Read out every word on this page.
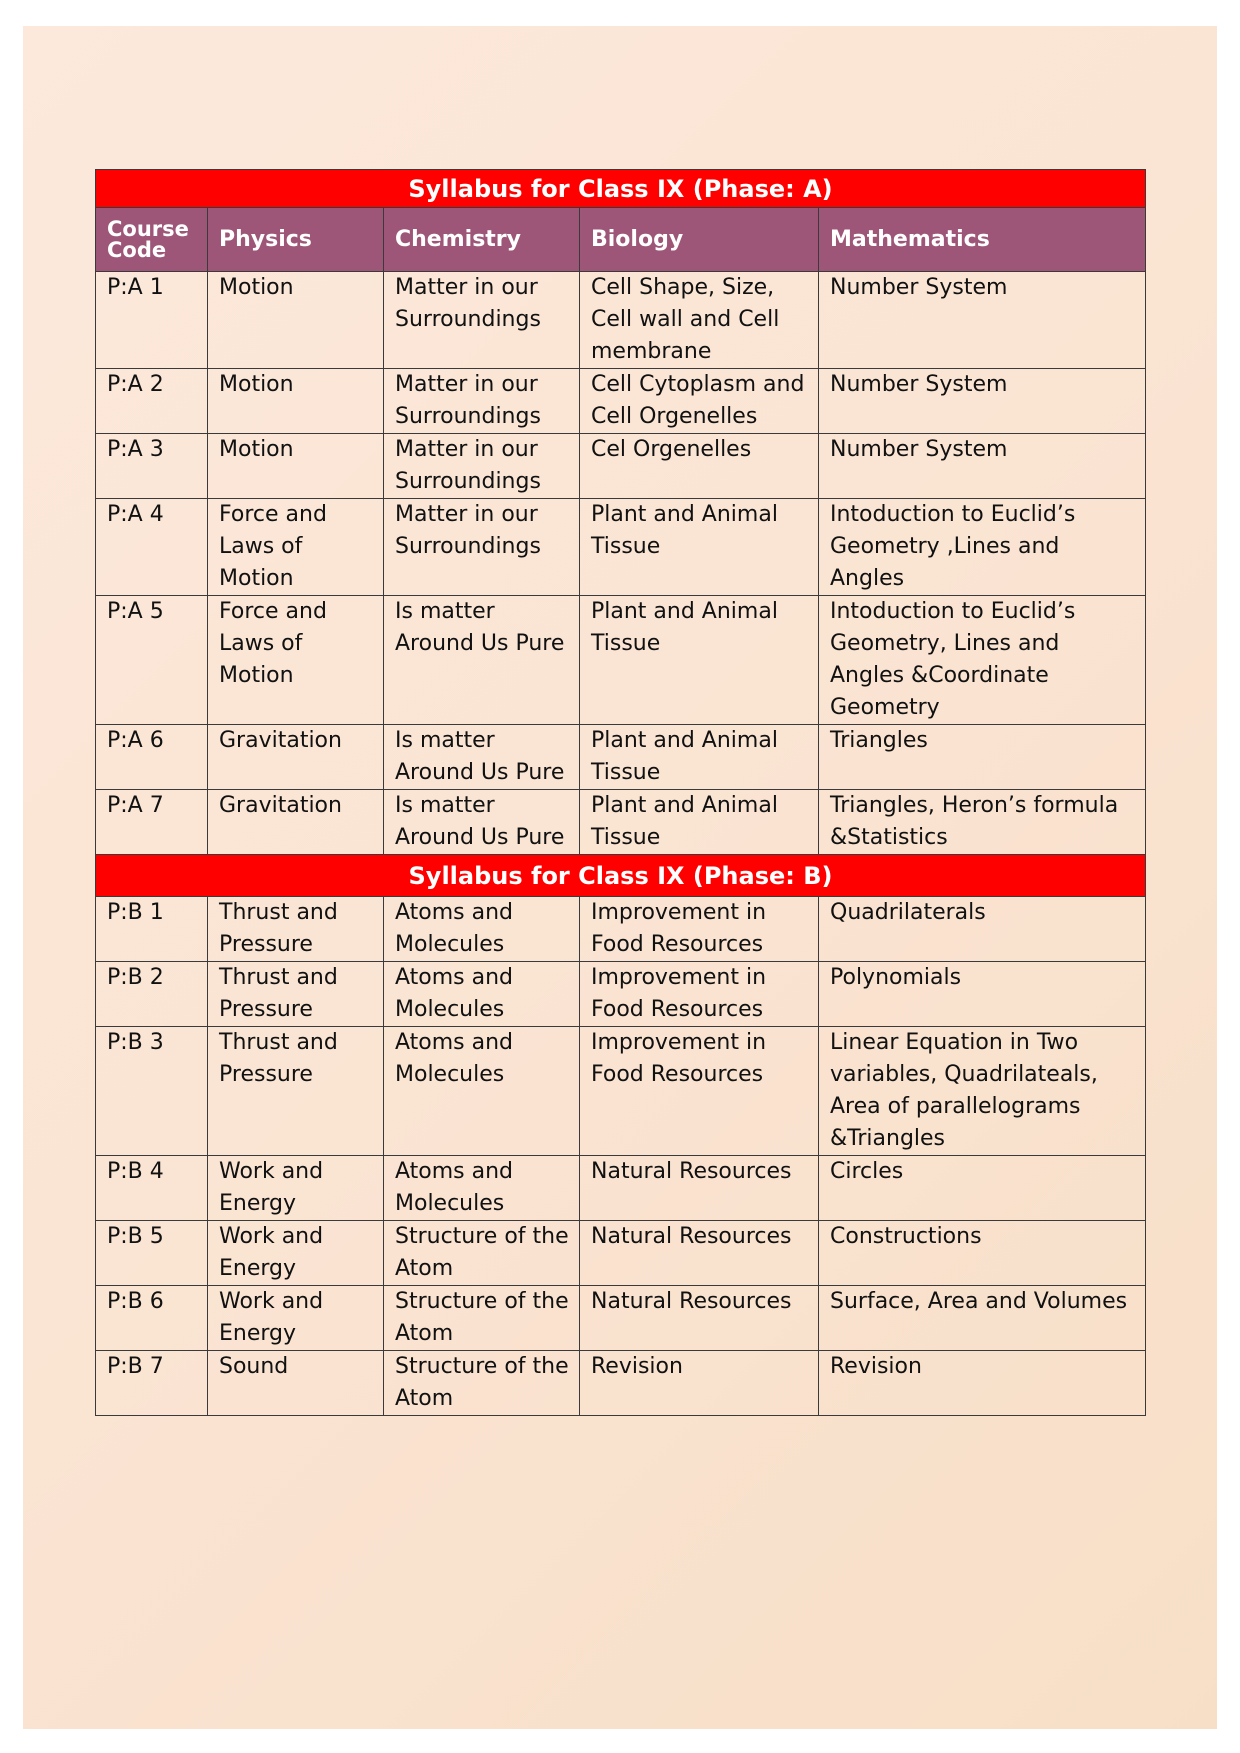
Syllabus for Class IX (Phase: A)				
Course Code	Physics	Chemistry	Biology	Mathematics
P:A 1	Motion	Matter in our Surroundings	Cell Shape, Size, Cell wall and Cell membrane	Number System
P:A 2	Motion	Matter in our Surroundings	Cell Cytoplasm and Cell Orgenelles	Number System
P:A 3	Motion	Matter in our Surroundings	Cel Orgenelles	Number System
P:A 4	Force and Laws of Motion	Matter in our Surroundings	Plant and Animal Tissue	Intoduction to Euclid’s Geometry ,Lines and Angles
P:A 5	Force and Laws of Motion	Is matter Around Us Pure	Plant and Animal Tissue	Intoduction to Euclid’s Geometry, Lines and Angles &Coordinate Geometry
P:A 6	Gravitation	Is matter Around Us Pure	Plant and Animal Tissue	Triangles
P:A 7	Gravitation	Is matter Around Us Pure	Plant and Animal Tissue	Triangles, Heron’s formula &Statistics
Syllabus for Class IX (Phase: B)				
P:B 1	Thrust and Pressure	Atoms and Molecules	Improvement in Food Resources	Quadrilaterals
P:B 2	Thrust and Pressure	Atoms and Molecules	Improvement in Food Resources	Polynomials
P:B 3	Thrust and Pressure	Atoms and Molecules	Improvement in Food Resources	Linear Equation in Two variables, Quadrilateals, Area of parallelograms &Triangles
P:B 4	Work and Energy	Atoms and Molecules	Natural Resources	Circles
P:B 5	Work and Energy	Structure of the Atom	Natural Resources	Constructions
P:B 6	Work and Energy	Structure of the Atom	Natural Resources	Surface, Area and Volumes
P:B 7	Sound	Structure of the Atom	Revision	Revision
